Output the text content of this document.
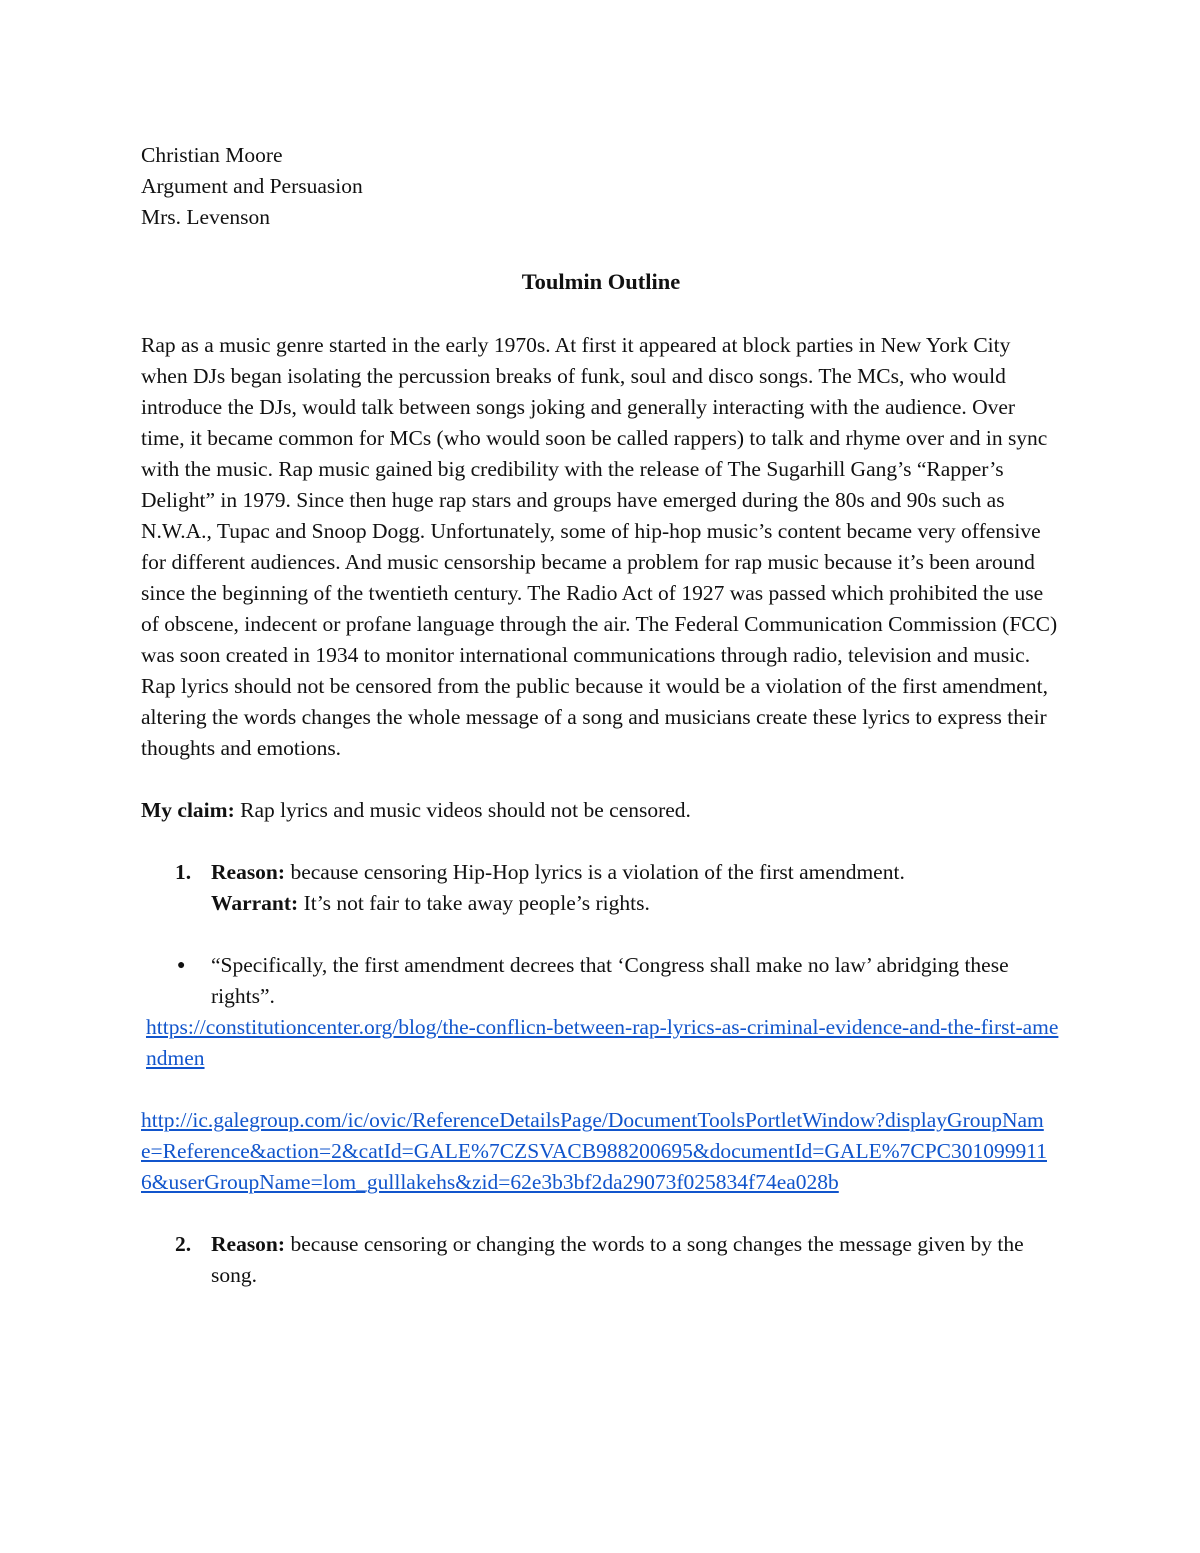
Christian Moore
Argument and Persuasion
Mrs. Levenson
Toulmin Outline

Rap as a music genre started in the early 1970s. At first it appeared at block parties in New York City when DJs began isolating the percussion breaks of funk, soul and disco songs. The MCs, who would introduce the DJs, would talk between songs joking and generally interacting with the audience. Over time, it became common for MCs (who would soon be called rappers) to talk and rhyme over and in sync with the music. Rap music gained big credibility with the release of The Sugarhill Gang’s “Rapper’s Delight” in 1979. Since then huge rap stars and groups have emerged during the 80s and 90s such as N.W.A., Tupac and Snoop Dogg. Unfortunately, some of hip-hop music’s content became very offensive for different audiences. And music censorship became a problem for rap music because it’s been around since the beginning of the twentieth century. The Radio Act of 1927 was passed which prohibited the use of obscene, indecent or profane language through the air. The Federal Communication Commission (FCC) was soon created in 1934 to monitor international communications through radio, television and music. Rap lyrics should not be censored from the public because it would be a violation of the first amendment, altering the words changes the whole message of a song and musicians create these lyrics to express their thoughts and emotions.

My claim: Rap lyrics and music videos should not be censored.

1. Reason: because censoring Hip-Hop lyrics is a violation of the first amendment.
Warrant: It’s not fair to take away people’s rights.
● “Specifically, the first amendment decrees that ‘Congress shall make no law’ abridging these rights”.
https://constitutioncenter.org/blog/the-conflicn-between-rap-lyrics-as-criminal-evidence-and-the-first-amendmen
http://ic.galegroup.com/ic/ovic/ReferenceDetailsPage/DocumentToolsPortletWindow?displayGroupName=Reference&action=2&catId=GALE%7CZSVACB988200695&documentId=GALE%7CPC3010999116&userGroupName=lom_gulllakehs&zid=62e3b3bf2da29073f025834f74ea028b
2. Reason: because censoring or changing the words to a song changes the message given by the song.
